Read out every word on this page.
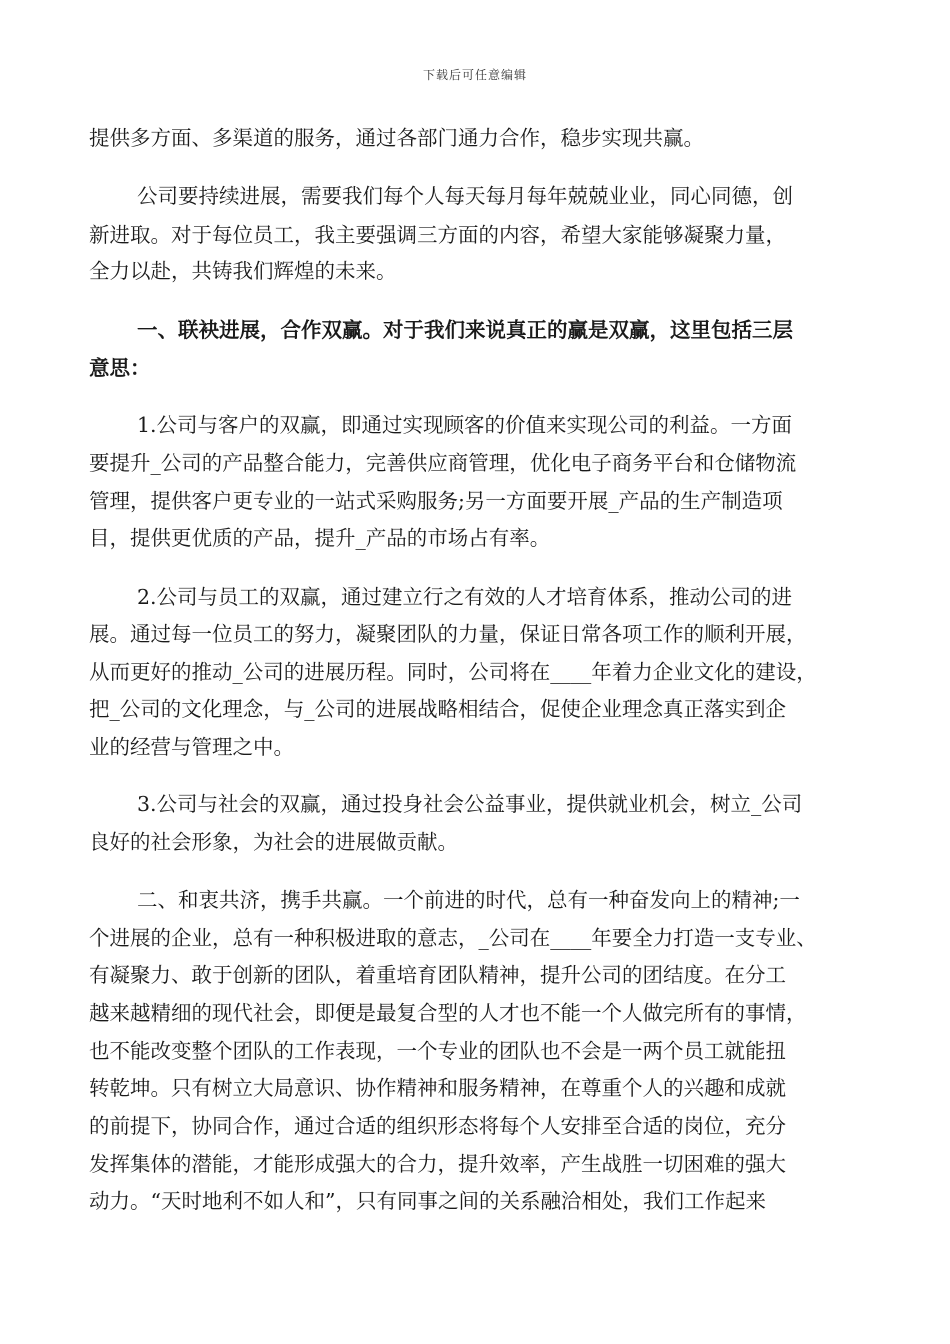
下载后可任意编辑
提供多方面、多渠道的服务，通过各部门通力合作，稳步实现共赢。
公司要持续进展，需要我们每个人每天每月每年兢兢业业，同心同德，创
新进取。对于每位员工，我主要强调三方面的内容，希望大家能够凝聚力量，
全力以赴，共铸我们辉煌的未来。
一、联袂进展，合作双赢。对于我们来说真正的赢是双赢，这里包括三层
意思：
1.公司与客户的双赢，即通过实现顾客的价值来实现公司的利益。一方面
要提升_公司的产品整合能力，完善供应商管理，优化电子商务平台和仓储物流
管理，提供客户更专业的一站式采购服务;另一方面要开展_产品的生产制造项
目，提供更优质的产品，提升_产品的市场占有率。
2.公司与员工的双赢，通过建立行之有效的人才培育体系，推动公司的进
展。通过每一位员工的努力，凝聚团队的力量，保证日常各项工作的顺利开展，
从而更好的推动_公司的进展历程。同时，公司将在____年着力企业文化的建设，
把_公司的文化理念，与_公司的进展战略相结合，促使企业理念真正落实到企
业的经营与管理之中。
3.公司与社会的双赢，通过投身社会公益事业，提供就业机会，树立_公司
良好的社会形象，为社会的进展做贡献。
二、和衷共济，携手共赢。一个前进的时代，总有一种奋发向上的精神;一
个进展的企业，总有一种积极进取的意志，_公司在____年要全力打造一支专业、
有凝聚力、敢于创新的团队，着重培育团队精神，提升公司的团结度。在分工
越来越精细的现代社会，即便是最复合型的人才也不能一个人做完所有的事情，
也不能改变整个团队的工作表现，一个专业的团队也不会是一两个员工就能扭
转乾坤。只有树立大局意识、协作精神和服务精神，在尊重个人的兴趣和成就
的前提下，协同合作，通过合适的组织形态将每个人安排至合适的岗位，充分
发挥集体的潜能，才能形成强大的合力，提升效率，产生战胜一切困难的强大
动力。“天时地利不如人和”，只有同事之间的关系融洽相处，我们工作起来
